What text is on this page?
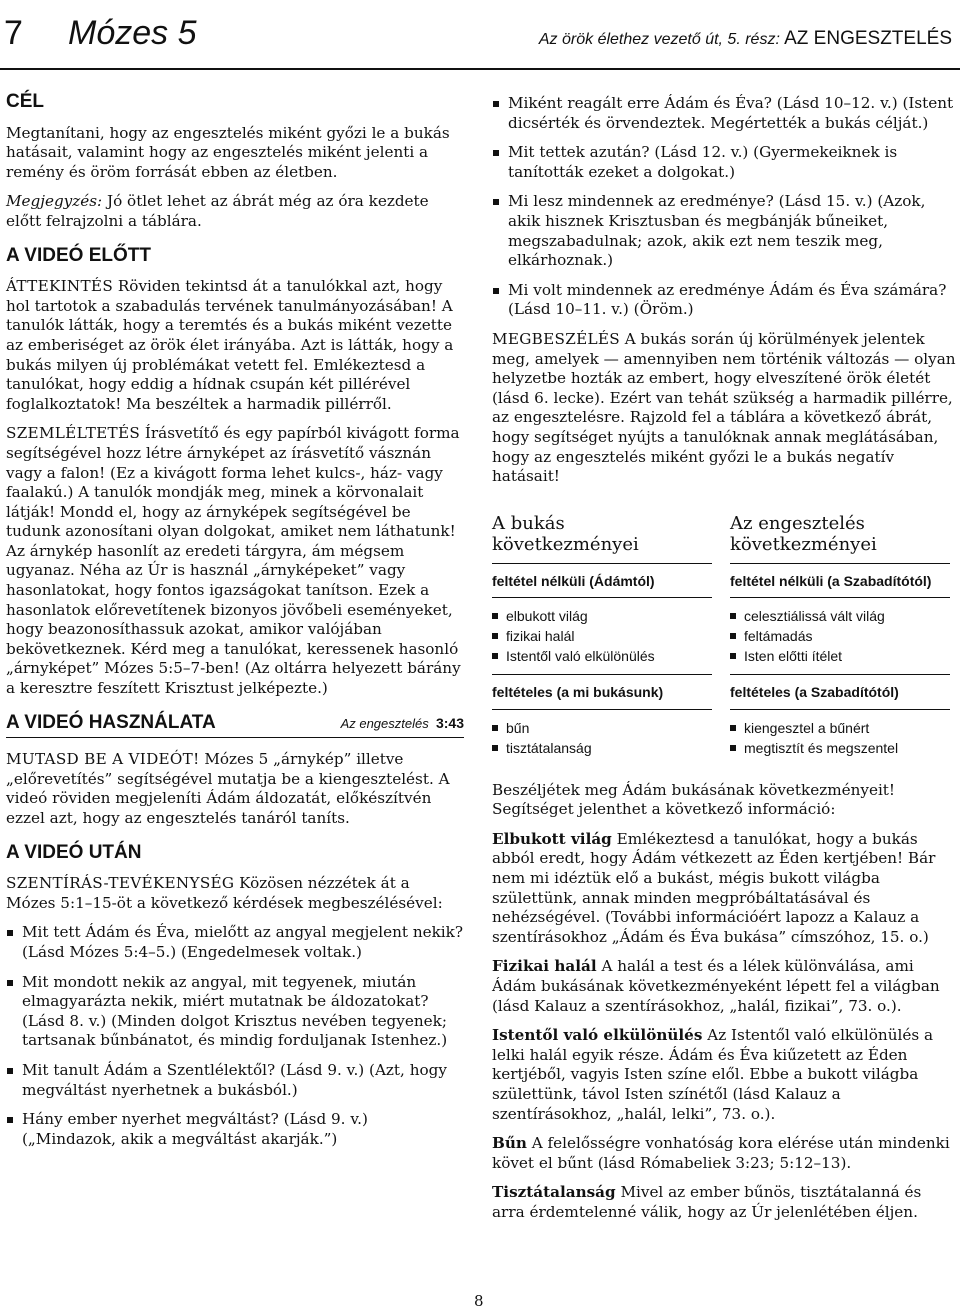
7 Mózes 5	Az örök élethez vezető út, 5. rész: AZ ENGESZTELÉS
CÉL

Megtanítani, hogy az engesztelés miként győzi le a bukás hatásait, valamint hogy az engesztelés miként jelenti a remény és öröm forrását ebben az életben.

Megjegyzés: Jó ötlet lehet az ábrát még az óra kezdete előtt felrajzolni a táblára.

A VIDEÓ ELŐTT

ÁTTEKINTÉS Röviden tekintsd át a tanulókkal azt, hogy hol tartotok a szabadulás tervének tanulmányozásában! A tanulók látták, hogy a teremtés és a bukás miként vezette az emberiséget az örök élet irányába. Azt is látták, hogy a bukás milyen új problémákat vetett fel. Emlékeztesd a tanulókat, hogy eddig a hídnak csupán két pillérével foglalkoztatok! Ma beszéltek a harmadik pillérről.

SZEMLÉLTETÉS Írásvetítő és egy papírból kivágott forma segítségével hozz létre árnyképet az írásvetítő vásznán vagy a falon! (Ez a kivágott forma lehet kulcs-, ház- vagy faalakú.) A tanulók mondják meg, minek a körvonalait látják! Mondd el, hogy az árnyképek segítségével be tudunk azonosítani olyan dolgokat, amiket nem láthatunk! Az árnykép hasonlít az eredeti tárgyra, ám mégsem ugyanaz. Néha az Úr is használ „árnyképeket” vagy hasonlatokat, hogy fontos igazságokat tanítson. Ezek a hasonlatok előrevetítenek bizonyos jövőbeli eseményeket, hogy beazonosíthassuk azokat, amikor valójában bekövetkeznek. Kérd meg a tanulókat, keressenek hasonló „árnyképet” Mózes 5:5–7-ben! (Az oltárra helyezett bárány a keresztre feszített Krisztust jelképezte.)

A VIDEÓ HASZNÁLATA	Az engesztelés 3:43

MUTASD BE A VIDEÓT! Mózes 5 „árnykép” illetve „előrevetítés” segítségével mutatja be a kiengesztelést. A videó röviden megjeleníti Ádám áldozatát, előkészítvén ezzel azt, hogy az engesztelés tanáról taníts.

A VIDEÓ UTÁN

SZENTÍRÁS-TEVÉKENYSÉG Közösen nézzétek át a Mózes 5:1–15-öt a következő kérdések megbeszélésével:

Mit tett Ádám és Éva, mielőtt az angyal megjelent nekik? (Lásd Mózes 5:4–5.) (Engedelmesek voltak.)
Mit mondott nekik az angyal, mit tegyenek, miután elmagyarázta nekik, miért mutatnak be áldozatokat? (Lásd 8. v.) (Minden dolgot Krisztus nevében tegyenek; tartsanak bűnbánatot, és mindig forduljanak Istenhez.)
Mit tanult Ádám a Szentlélektől? (Lásd 9. v.) (Azt, hogy megváltást nyerhetnek a bukásból.)
Hány ember nyerhet megváltást? (Lásd 9. v.) („Mindazok, akik a megváltást akarják.”)
Miként reagált erre Ádám és Éva? (Lásd 10–12. v.) (Istent dicsérték és örvendeztek. Megértették a bukás célját.)
Mit tettek azután? (Lásd 12. v.) (Gyermekeiknek is tanították ezeket a dolgokat.)
Mi lesz mindennek az eredménye? (Lásd 15. v.) (Azok, akik hisznek Krisztusban és megbánják bűneiket, megszabadulnak; azok, akik ezt nem teszik meg, elkárhoznak.)
Mi volt mindennek az eredménye Ádám és Éva számára? (Lásd 10–11. v.) (Öröm.)

MEGBESZÉLÉS A bukás során új körülmények jelentek meg, amelyek — amennyiben nem történik változás — olyan helyzetbe hozták az embert, hogy elveszítené örök életét (lásd 6. lecke). Ezért van tehát szükség a harmadik pillérre, az engesztelésre. Rajzold fel a táblára a következő ábrát, hogy segítséget nyújts a tanulóknak annak meglátásában, hogy az engesztelés miként győzi le a bukás negatív hatásait!

A bukás következményei
feltétel nélküli (Ádámtól)
elbukott világ
fizikai halál
Istentől való elkülönülés
feltételes (a mi bukásunk)
bűn
tisztátalanság
Az engesztelés következményei
feltétel nélküli (a Szabadítótól)
celesztiálissá vált világ
feltámadás
Isten előtti ítélet
feltételes (a Szabadítótól)
kiengesztel a bűnért
megtisztít és megszentel

Beszéljétek meg Ádám bukásának következményeit! Segítséget jelenthet a következő információ:

Elbukott világ Emlékeztesd a tanulókat, hogy a bukás abból eredt, hogy Ádám vétkezett az Éden kertjében! Bár nem mi idéztük elő a bukást, mégis bukott világba születtünk, annak minden megpróbáltatásával és nehézségével. (További információért lapozz a Kalauz a szentírásokhoz „Ádám és Éva bukása” címszóhoz, 15. o.)

Fizikai halál A halál a test és a lélek különválása, ami Ádám bukásának következményeként lépett fel a világban (lásd Kalauz a szentírásokhoz, „halál, fizikai”, 73. o.).

Istentől való elkülönülés Az Istentől való elkülönülés a lelki halál egyik része. Ádám és Éva kiűzetett az Éden kertjéből, vagyis Isten színe elől. Ebbe a bukott világba születtünk, távol Isten színétől (lásd Kalauz a szentírásokhoz, „halál, lelki”, 73. o.).

Bűn A felelősségre vonhatóság kora elérése után mindenki követ el bűnt (lásd Rómabeliek 3:23; 5:12–13).

Tisztátalanság Mivel az ember bűnös, tisztátalanná és arra érdemtelenné válik, hogy az Úr jelenlétében éljen.

8
